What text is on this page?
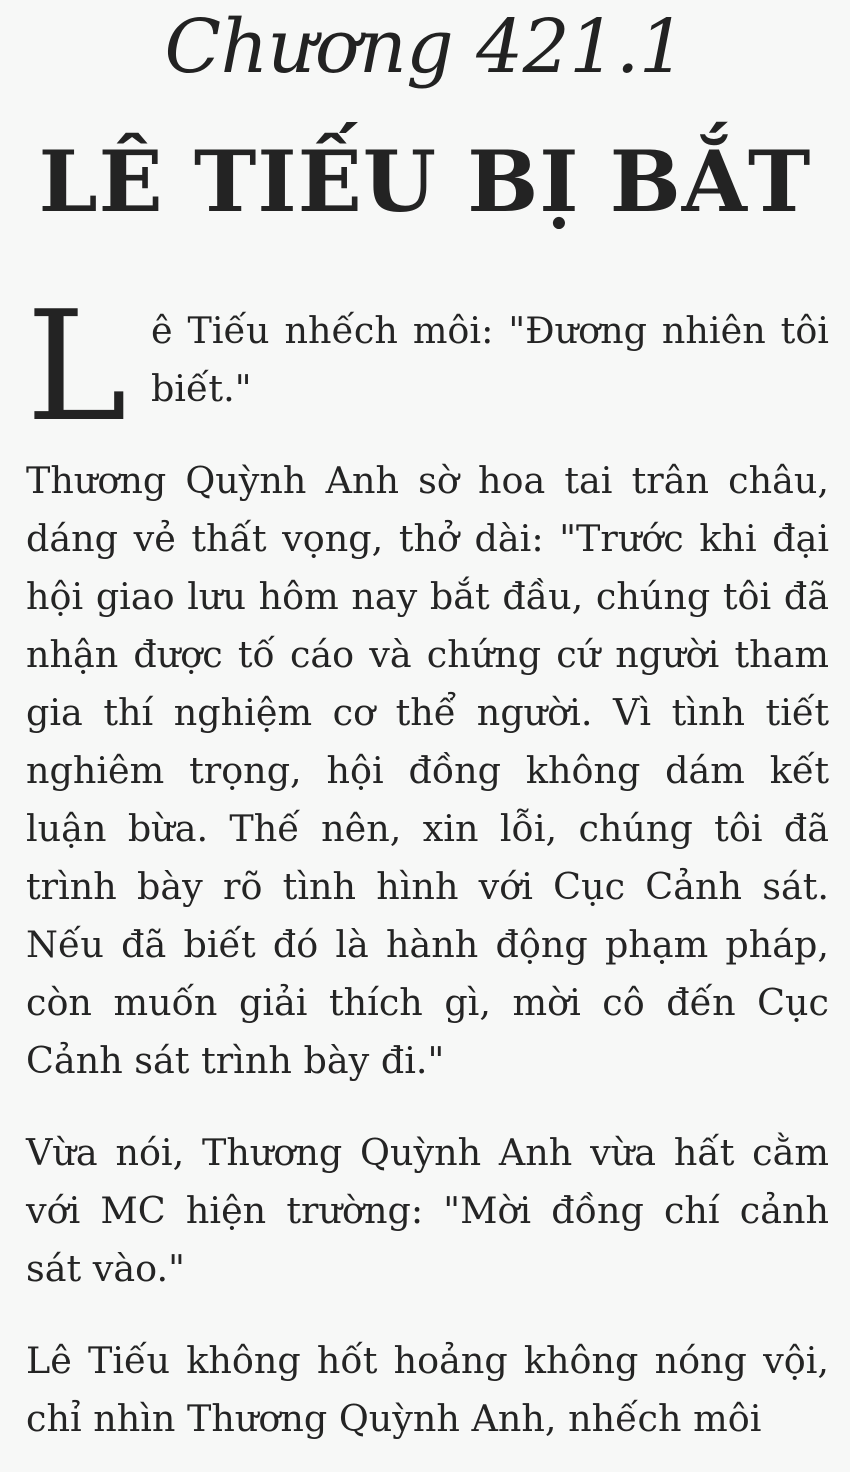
Chương 421.1
LÊ TIẾU BỊ BẮT

Lê Tiếu nhếch môi: "Đương nhiên tôi biết."

Thương Quỳnh Anh sờ hoa tai trân châu, dáng vẻ thất vọng, thở dài: "Trước khi đại hội giao lưu hôm nay bắt đầu, chúng tôi đã nhận được tố cáo và chứng cứ người tham gia thí nghiệm cơ thể người. Vì tình tiết nghiêm trọng, hội đồng không dám kết luận bừa. Thế nên, xin lỗi, chúng tôi đã trình bày rõ tình hình với Cục Cảnh sát. Nếu đã biết đó là hành động phạm pháp, còn muốn giải thích gì, mời cô đến Cục Cảnh sát trình bày đi."

Vừa nói, Thương Quỳnh Anh vừa hất cằm với MC hiện trường: "Mời đồng chí cảnh sát vào."

Lê Tiếu không hốt hoảng không nóng vội, chỉ nhìn Thương Quỳnh Anh, nhếch môi
